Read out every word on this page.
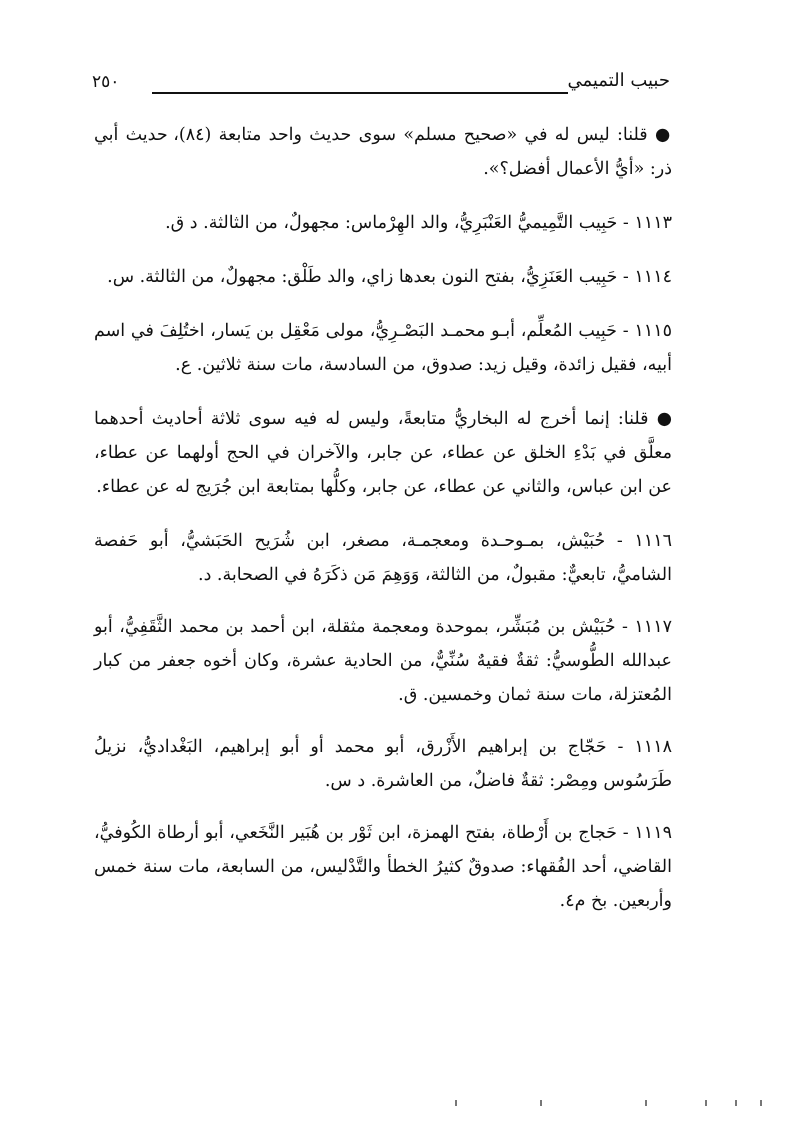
٢٥٠	حبيب التميمي

● قلنا: ليس له في «صحيح مسلم» سوى حديث واحد متابعة (٨٤)، حديث أبي ذر: «أيُّ الأعمال أفضل؟».

١١١٣ - حَبِيب التَّمِيميُّ العَنْبَرِيُّ، والد الهِرْماس: مجهولٌ، من الثالثة. د ق.

١١١٤ - حَبِيب العَنَزِيُّ، بفتح النون بعدها زاي، والد طَلْق: مجهولٌ، من الثالثة. س.

١١١٥ - حَبِيب المُعلِّم، أبـو محمـد البَصْـرِيُّ، مولى مَعْقِل بن يَسار، اختُلِفَ في اسم أبيه، فقيل زائدة، وقيل زيد: صدوق، من السادسة، مات سنة ثلاثين. ع.

● قلنا: إنما أخرج له البخاريُّ متابعةً، وليس له فيه سوى ثلاثة أحاديث أحدهما معلَّق في بَدْءِ الخلق عن عطاء، عن جابر، والآخران في الحج أولهما عن عطاء، عن ابن عباس، والثاني عن عطاء، عن جابر، وكلُّها بمتابعة ابن جُرَيج له عن عطاء.

١١١٦ - حُبَيْش، بمـوحـدة ومعجمـة، مصغر، ابن شُرَيح الحَبَشيُّ، أبو حَفصة الشاميُّ، تابعيٌّ: مقبولٌ، من الثالثة، وَوَهِمَ مَن ذكَرَهُ في الصحابة. د.

١١١٧ - حُبَيْش بن مُبَشِّر، بموحدة ومعجمة مثقلة، ابن أحمد بن محمد الثَّقَفِيُّ، أبو عبدالله الطُّوسيُّ: ثقةٌ فقيهٌ سُنِّيٌّ، من الحادية عشرة، وكان أخوه جعفر من كبار المُعتزلة، مات سنة ثمان وخمسين. ق.

١١١٨ - حَجّاج بن إبراهيم الأَزْرق، أبو محمد أو أبو إبراهيم، البَغْداديُّ، نزيلُ طَرَسُوس ومِصْر: ثقةٌ فاضلٌ، من العاشرة. د س.

١١١٩ - حَجاج بن أَرْطاة، بفتح الهمزة، ابن ثَوْر بن هُبَير النَّخَعي، أبو أرطاة الكُوفيُّ، القاضي، أحد الفُقهاء: صدوقٌ كثيرُ الخطأ والتَّدْليس، من السابعة، مات سنة خمس وأربعين. بخ م٤.
